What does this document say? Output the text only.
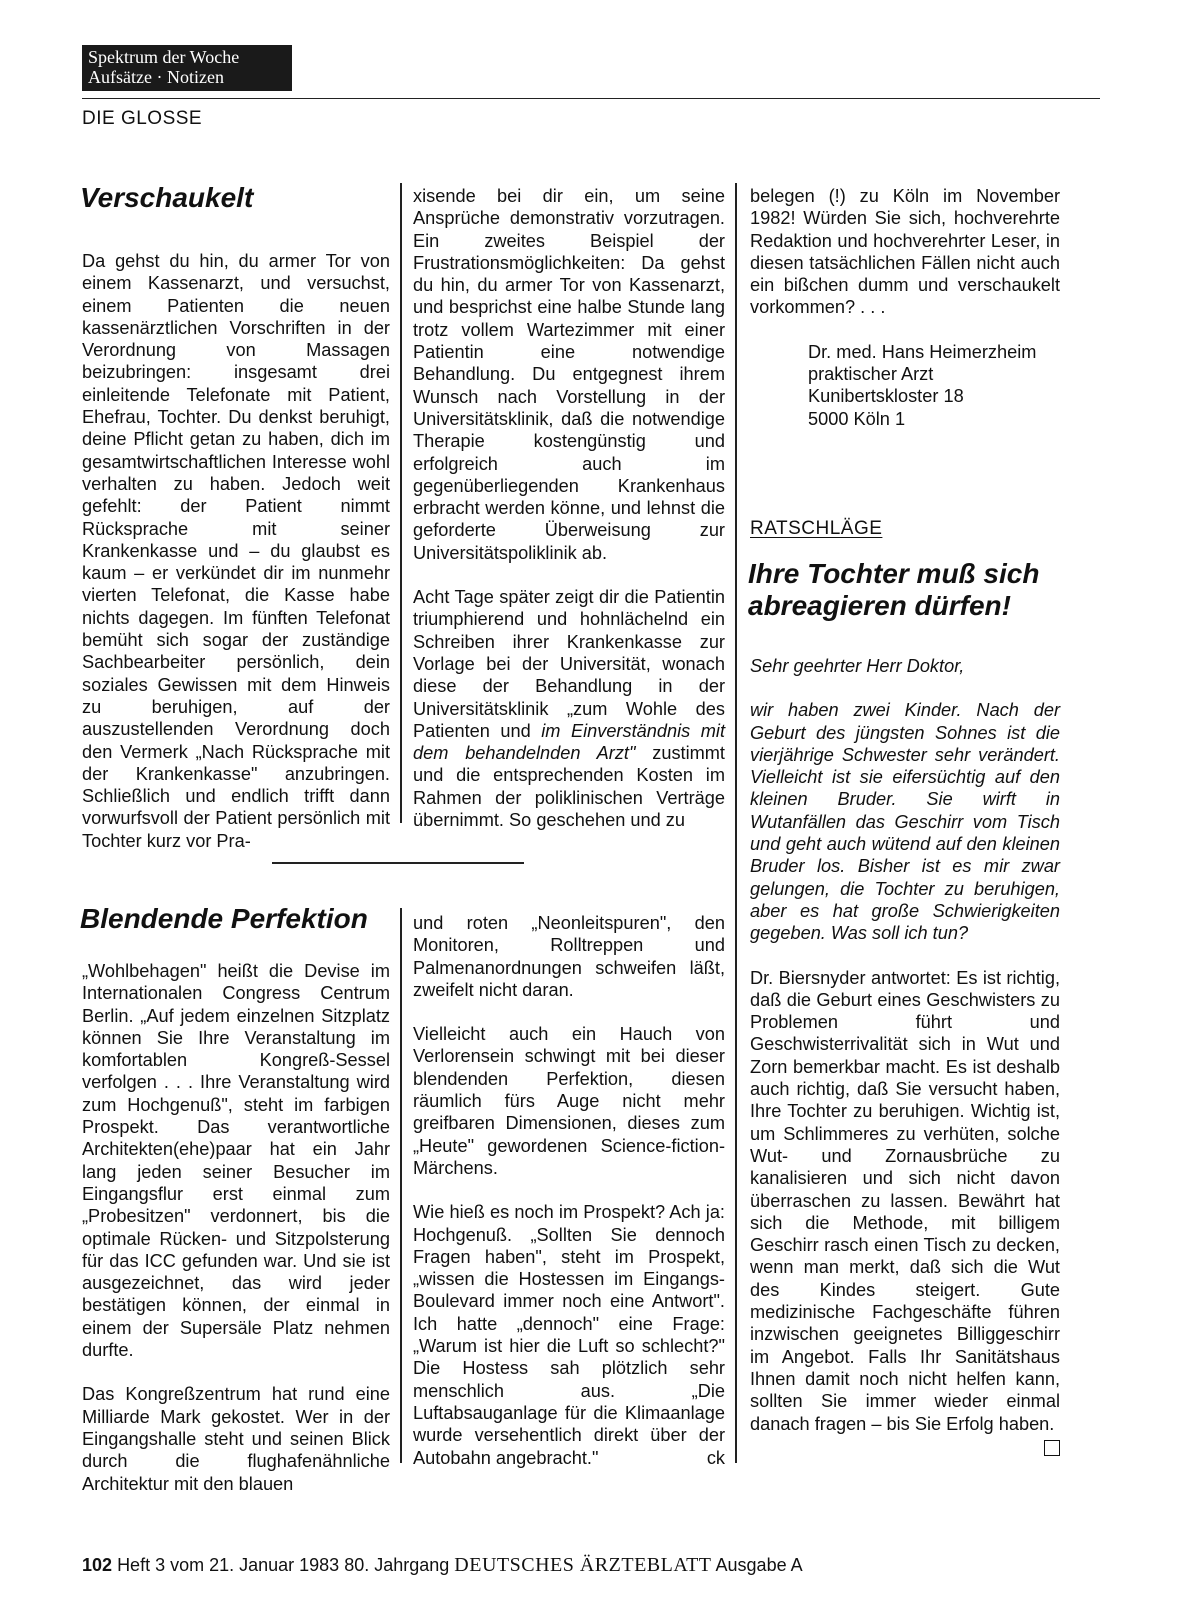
Spektrum der Woche
Aufsätze · Notizen
DIE GLOSSE
Verschaukelt

Da gehst du hin, du armer Tor von einem Kassenarzt, und versuchst, einem Patienten die neuen kassenärztlichen Vorschriften in der Verordnung von Massagen beizubringen: insgesamt drei einleitende Telefonate mit Patient, Ehefrau, Tochter. Du denkst beruhigt, deine Pflicht getan zu haben, dich im gesamtwirtschaftlichen Interesse wohl verhalten zu haben. Jedoch weit gefehlt: der Patient nimmt Rücksprache mit seiner Krankenkasse und – du glaubst es kaum – er verkündet dir im nunmehr vierten Telefonat, die Kasse habe nichts dagegen. Im fünften Telefonat bemüht sich sogar der zuständige Sachbearbeiter persönlich, dein soziales Gewissen mit dem Hinweis zu beruhigen, auf der auszustellenden Verordnung doch den Vermerk „Nach Rücksprache mit der Krankenkasse" anzubringen. Schließlich und endlich trifft dann vorwurfsvoll der Patient persönlich mit Tochter kurz vor Pra-

xisende bei dir ein, um seine Ansprüche demonstrativ vorzutragen. Ein zweites Beispiel der Frustrationsmöglichkeiten: Da gehst du hin, du armer Tor von Kassenarzt, und besprichst eine halbe Stunde lang trotz vollem Wartezimmer mit einer Patientin eine notwendige Behandlung. Du entgegnest ihrem Wunsch nach Vorstellung in der Universitätsklinik, daß die notwendige Therapie kostengünstig und erfolgreich auch im gegenüberliegenden Krankenhaus erbracht werden könne, und lehnst die geforderte Überweisung zur Universitätspoliklinik ab.

Acht Tage später zeigt dir die Patientin triumphierend und hohnlächelnd ein Schreiben ihrer Krankenkasse zur Vorlage bei der Universität, wonach diese der Behandlung in der Universitätsklinik „zum Wohle des Patienten und im Einverständnis mit dem behandelnden Arzt" zustimmt und die entsprechenden Kosten im Rahmen der poliklinischen Verträge übernimmt. So geschehen und zu

belegen (!) zu Köln im November 1982! Würden Sie sich, hochverehrte Redaktion und hochverehrter Leser, in diesen tatsächlichen Fällen nicht auch ein bißchen dumm und verschaukelt vorkommen? . . .

Dr. med. Hans Heimerzheim
praktischer Arzt
Kunibertskloster 18
5000 Köln 1

Blendende Perfektion

„Wohlbehagen" heißt die Devise im Internationalen Congress Centrum Berlin. „Auf jedem einzelnen Sitzplatz können Sie Ihre Veranstaltung im komfortablen Kongreß-Sessel verfolgen . . . Ihre Veranstaltung wird zum Hochgenuß", steht im farbigen Prospekt. Das verantwortliche Architekten(ehe)paar hat ein Jahr lang jeden seiner Besucher im Eingangsflur erst einmal zum „Probesitzen" verdonnert, bis die optimale Rücken- und Sitzpolsterung für das ICC gefunden war. Und sie ist ausgezeichnet, das wird jeder bestätigen können, der einmal in einem der Supersäle Platz nehmen durfte.

Das Kongreßzentrum hat rund eine Milliarde Mark gekostet. Wer in der Eingangshalle steht und seinen Blick durch die flughafenähnliche Architektur mit den blauen

und roten „Neonleitspuren", den Monitoren, Rolltreppen und Palmenanordnungen schweifen läßt, zweifelt nicht daran.

Vielleicht auch ein Hauch von Verlorensein schwingt mit bei dieser blendenden Perfektion, diesen räumlich fürs Auge nicht mehr greifbaren Dimensionen, dieses zum „Heute" gewordenen Science-fiction-Märchens.

Wie hieß es noch im Prospekt? Ach ja: Hochgenuß. „Sollten Sie dennoch Fragen haben", steht im Prospekt, „wissen die Hostessen im Eingangs-Boulevard immer noch eine Antwort". Ich hatte „dennoch" eine Frage: „Warum ist hier die Luft so schlecht?" Die Hostess sah plötzlich sehr menschlich aus. „Die Luftabsauganlage für die Klimaanlage wurde versehentlich direkt über der Autobahn angebracht."	ck

RATSCHLÄGE
Ihre Tochter muß sich
abreagieren dürfen!

Sehr geehrter Herr Doktor,

wir haben zwei Kinder. Nach der Geburt des jüngsten Sohnes ist die vierjährige Schwester sehr verändert. Vielleicht ist sie eifersüchtig auf den kleinen Bruder. Sie wirft in Wutanfällen das Geschirr vom Tisch und geht auch wütend auf den kleinen Bruder los. Bisher ist es mir zwar gelungen, die Tochter zu beruhigen, aber es hat große Schwierigkeiten gegeben. Was soll ich tun?

Dr. Biersnyder antwortet: Es ist richtig, daß die Geburt eines Geschwisters zu Problemen führt und Geschwisterrivalität sich in Wut und Zorn bemerkbar macht. Es ist deshalb auch richtig, daß Sie versucht haben, Ihre Tochter zu beruhigen. Wichtig ist, um Schlimmeres zu verhüten, solche Wut- und Zornausbrüche zu kanalisieren und sich nicht davon überraschen zu lassen. Bewährt hat sich die Methode, mit billigem Geschirr rasch einen Tisch zu decken, wenn man merkt, daß sich die Wut des Kindes steigert. Gute medizinische Fachgeschäfte führen inzwischen geeignetes Billiggeschirr im Angebot. Falls Ihr Sanitätshaus Ihnen damit noch nicht helfen kann, sollten Sie immer wieder einmal danach fragen – bis Sie Erfolg haben.

102 Heft 3 vom 21. Januar 1983 80. Jahrgang DEUTSCHES ÄRZTEBLATT Ausgabe A
